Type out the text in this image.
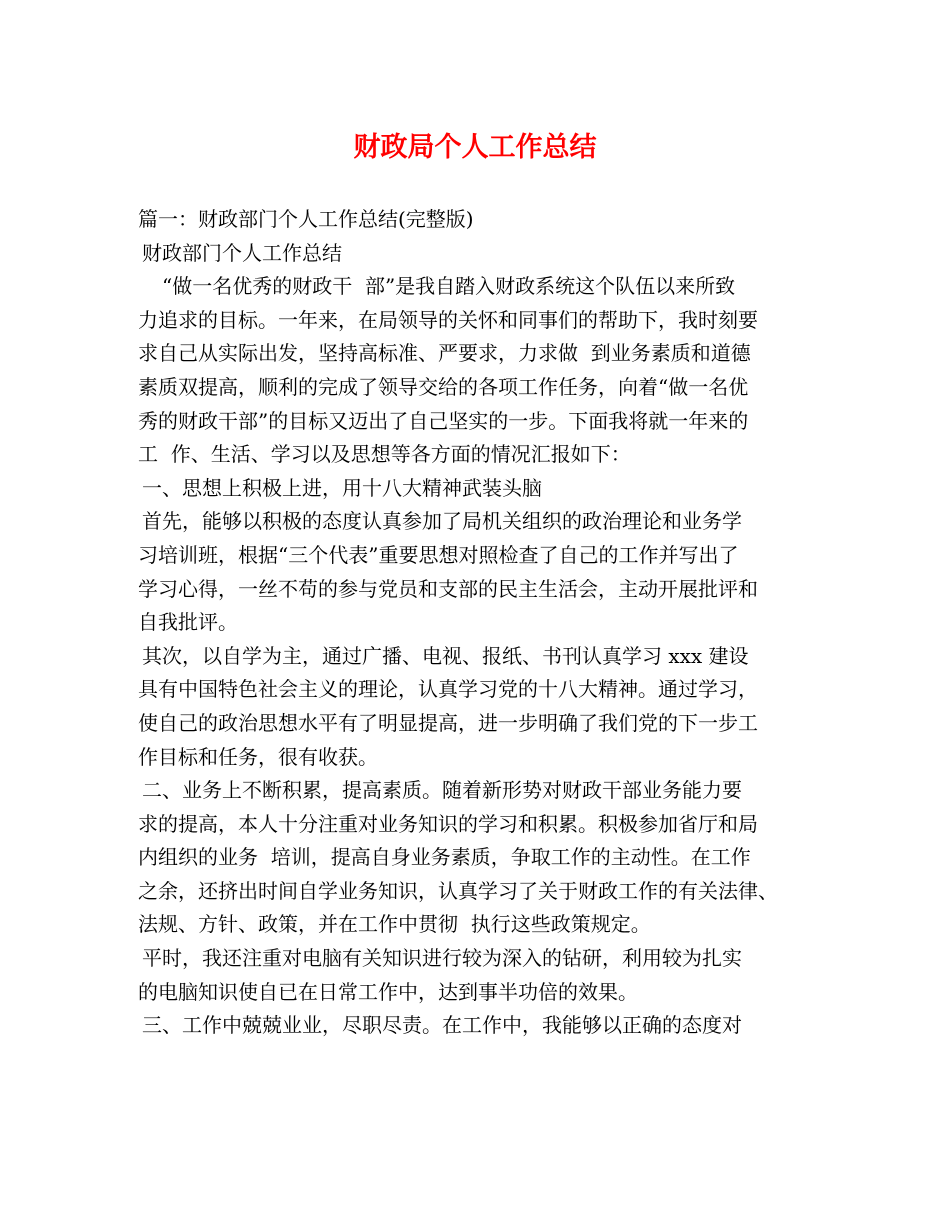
财政局个人工作总结
篇一：财政部门个人工作总结(完整版)
财政部门个人工作总结
“做一名优秀的财政干  部”是我自踏入财政系统这个队伍以来所致
力追求的目标。一年来，在局领导的关怀和同事们的帮助下，我时刻要
求自己从实际出发，坚持高标准、严要求，力求做  到业务素质和道德
素质双提高，顺利的完成了领导交给的各项工作任务，向着“做一名优
秀的财政干部”的目标又迈出了自己坚实的一步。下面我将就一年来的
工  作、生活、学习以及思想等各方面的情况汇报如下：
一、思想上积极上进，用十八大精神武装头脑
首先，能够以积极的态度认真参加了局机关组织的政治理论和业务学
习培训班，根据“三个代表”重要思想对照检查了自己的工作并写出了
学习心得，一丝不苟的参与党员和支部的民主生活会，主动开展批评和
自我批评。
其次，以自学为主，通过广播、电视、报纸、书刊认真学习 xxx 建设
具有中国特色社会主义的理论，认真学习党的十八大精神。通过学习，
使自己的政治思想水平有了明显提高，进一步明确了我们党的下一步工
作目标和任务，很有收获。
二、业务上不断积累，提高素质。随着新形势对财政干部业务能力要
求的提高，本人十分注重对业务知识的学习和积累。积极参加省厅和局
内组织的业务  培训，提高自身业务素质，争取工作的主动性。在工作
之余，还挤出时间自学业务知识，认真学习了关于财政工作的有关法律、
法规、方针、政策，并在工作中贯彻  执行这些政策规定。
平时，我还注重对电脑有关知识进行较为深入的钻研，利用较为扎实
的电脑知识使自已在日常工作中，达到事半功倍的效果。
三、工作中兢兢业业，尽职尽责。在工作中，我能够以正确的态度对
